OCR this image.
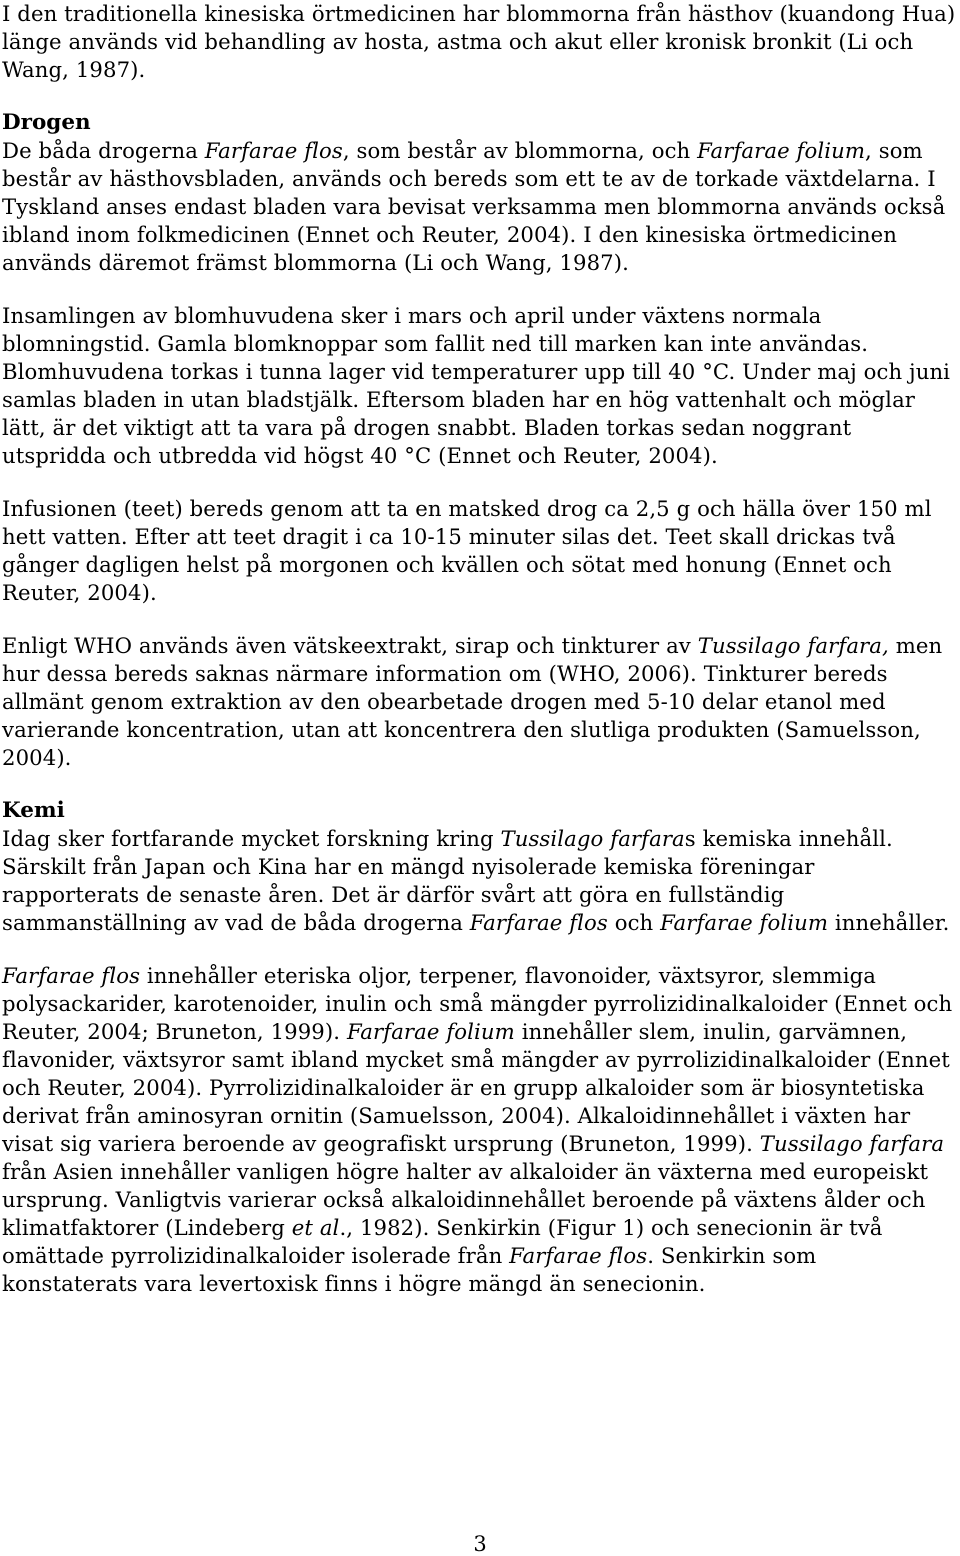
I den traditionella kinesiska örtmedicinen har blommorna från hästhov (kuandong Hua) länge används vid behandling av hosta, astma och akut eller kronisk bronkit (Li och Wang, 1987).

Drogen

De båda drogerna Farfarae flos, som består av blommorna, och Farfarae folium, som består av hästhovsbladen, används och bereds som ett te av de torkade växtdelarna. I Tyskland anses endast bladen vara bevisat verksamma men blommorna används också ibland inom folkmedicinen (Ennet och Reuter, 2004). I den kinesiska örtmedicinen används däremot främst blommorna (Li och Wang, 1987).

Insamlingen av blomhuvudena sker i mars och april under växtens normala blomningstid. Gamla blomknoppar som fallit ned till marken kan inte användas. Blomhuvudena torkas i tunna lager vid temperaturer upp till 40 °C. Under maj och juni samlas bladen in utan bladstjälk. Eftersom bladen har en hög vattenhalt och möglar lätt, är det viktigt att ta vara på drogen snabbt. Bladen torkas sedan noggrant utspridda och utbredda vid högst 40 °C (Ennet och Reuter, 2004).

Infusionen (teet) bereds genom att ta en matsked drog ca 2,5 g och hälla över 150 ml hett vatten. Efter att teet dragit i ca 10-15 minuter silas det. Teet skall drickas två gånger dagligen helst på morgonen och kvällen och sötat med honung (Ennet och Reuter, 2004).

Enligt WHO används även vätskeextrakt, sirap och tinkturer av Tussilago farfara, men hur dessa bereds saknas närmare information om (WHO, 2006). Tinkturer bereds allmänt genom extraktion av den obearbetade drogen med 5-10 delar etanol med varierande koncentration, utan att koncentrera den slutliga produkten (Samuelsson, 2004).

Kemi

Idag sker fortfarande mycket forskning kring Tussilago farfaras kemiska innehåll. Särskilt från Japan och Kina har en mängd nyisolerade kemiska föreningar rapporterats de senaste åren. Det är därför svårt att göra en fullständig sammanställning av vad de båda drogerna Farfarae flos och Farfarae folium innehåller.

Farfarae flos innehåller eteriska oljor, terpener, flavonoider, växtsyror, slemmiga polysackarider, karotenoider, inulin och små mängder pyrrolizidinalkaloider (Ennet och Reuter, 2004; Bruneton, 1999). Farfarae folium innehåller slem, inulin, garvämnen, flavonider, växtsyror samt ibland mycket små mängder av pyrrolizidinalkaloider (Ennet och Reuter, 2004). Pyrrolizidinalkaloider är en grupp alkaloider som är biosyntetiska derivat från aminosyran ornitin (Samuelsson, 2004). Alkaloidinnehållet i växten har visat sig variera beroende av geografiskt ursprung (Bruneton, 1999). Tussilago farfara från Asien innehåller vanligen högre halter av alkaloider än växterna med europeiskt ursprung. Vanligtvis varierar också alkaloidinnehållet beroende på växtens ålder och klimatfaktorer (Lindeberg et al., 1982). Senkirkin (Figur 1) och senecionin är två omättade pyrrolizidinalkaloider isolerade från Farfarae flos. Senkirkin som konstaterats vara levertoxisk finns i högre mängd än senecionin.

3
